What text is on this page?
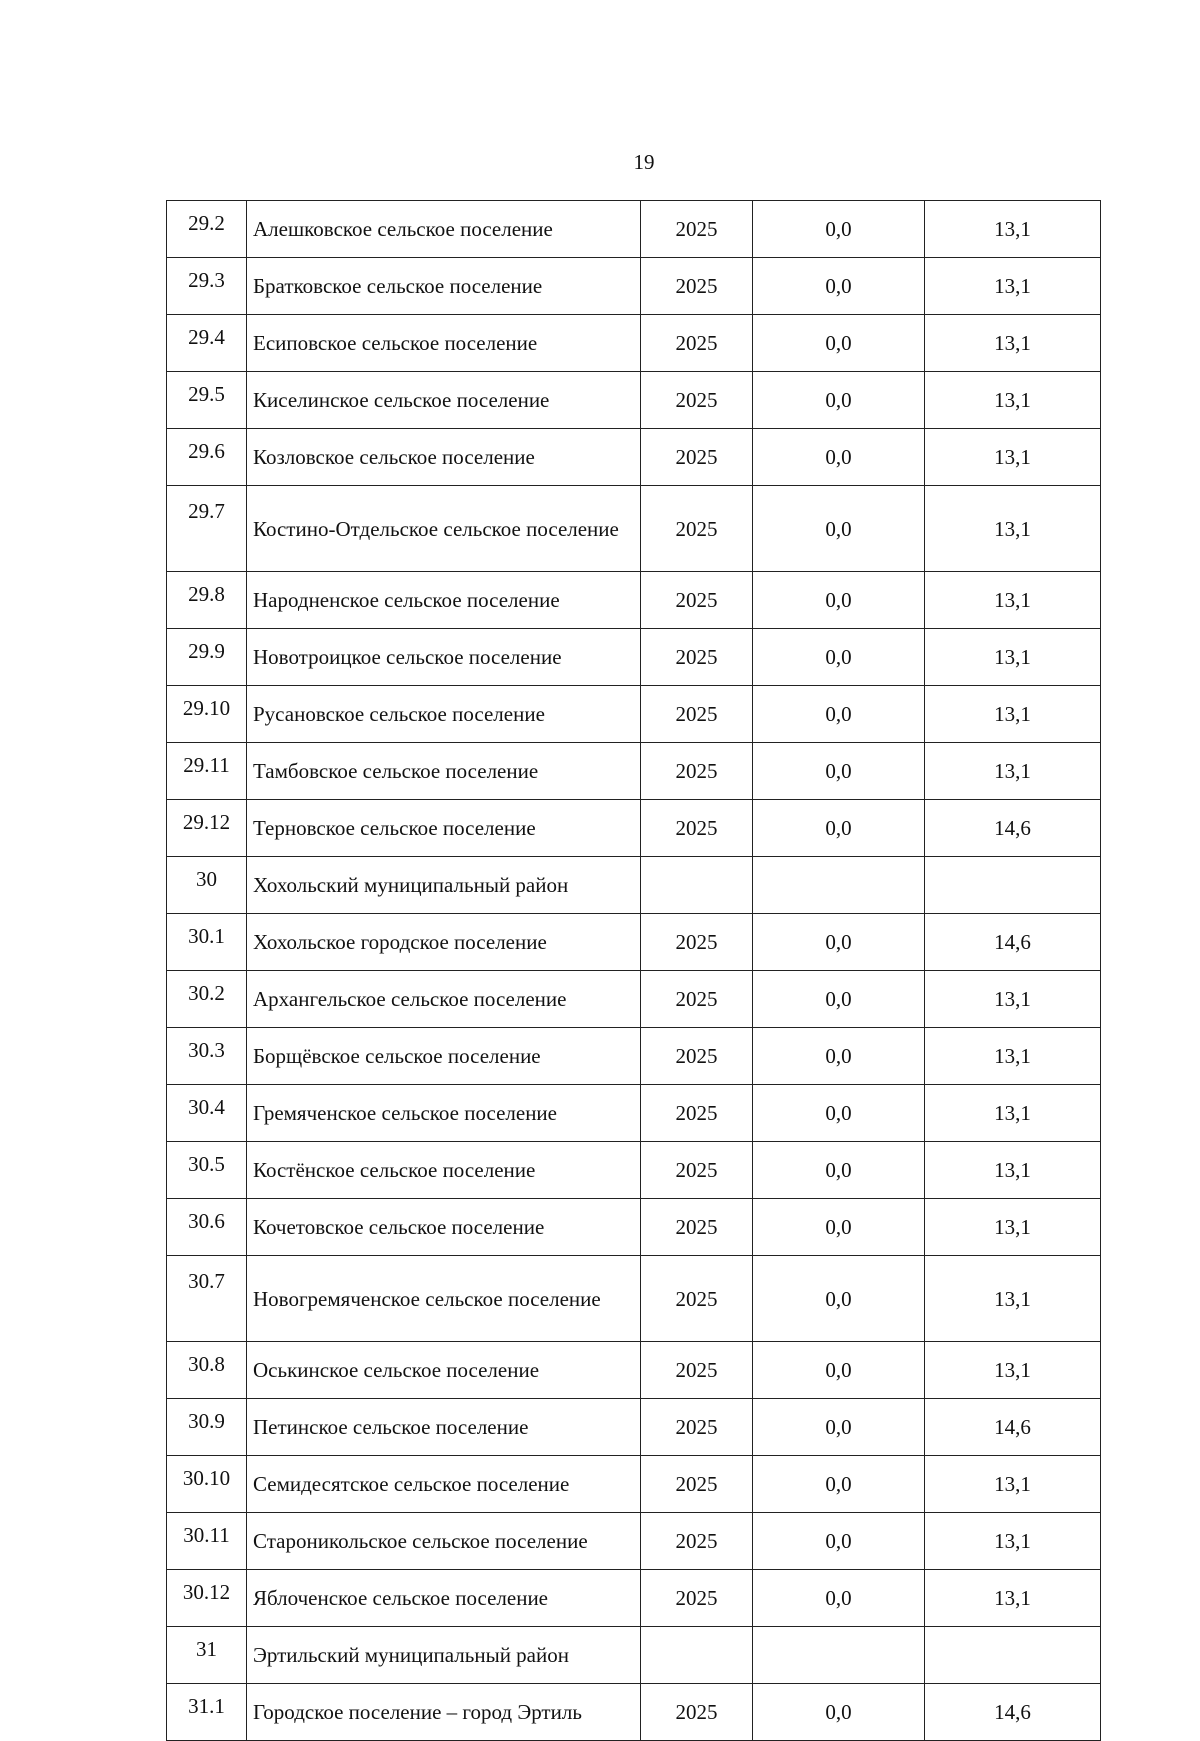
19
29.2	Алешковское сельское поселение	2025	0,0	13,1
29.3	Братковское сельское поселение	2025	0,0	13,1
29.4	Есиповское сельское поселение	2025	0,0	13,1
29.5	Киселинское сельское поселение	2025	0,0	13,1
29.6	Козловское сельское поселение	2025	0,0	13,1
29.7	Костино-Отдельское сельское поселение	2025	0,0	13,1
29.8	Народненское сельское поселение	2025	0,0	13,1
29.9	Новотроицкое сельское поселение	2025	0,0	13,1
29.10	Русановское сельское поселение	2025	0,0	13,1
29.11	Тамбовское сельское поселение	2025	0,0	13,1
29.12	Терновское сельское поселение	2025	0,0	14,6
30	Хохольский муниципальный район			
30.1	Хохольское городское поселение	2025	0,0	14,6
30.2	Архангельское сельское поселение	2025	0,0	13,1
30.3	Борщёвское сельское поселение	2025	0,0	13,1
30.4	Гремяченское сельское поселение	2025	0,0	13,1
30.5	Костёнское сельское поселение	2025	0,0	13,1
30.6	Кочетовское сельское поселение	2025	0,0	13,1
30.7	Новогремяченское сельское поселение	2025	0,0	13,1
30.8	Оськинское сельское поселение	2025	0,0	13,1
30.9	Петинское сельское поселение	2025	0,0	14,6
30.10	Семидесятское сельское поселение	2025	0,0	13,1
30.11	Староникольское сельское поселение	2025	0,0	13,1
30.12	Яблоченское сельское поселение	2025	0,0	13,1
31	Эртильский муниципальный район			
31.1	Городское поселение – город Эртиль	2025	0,0	14,6
